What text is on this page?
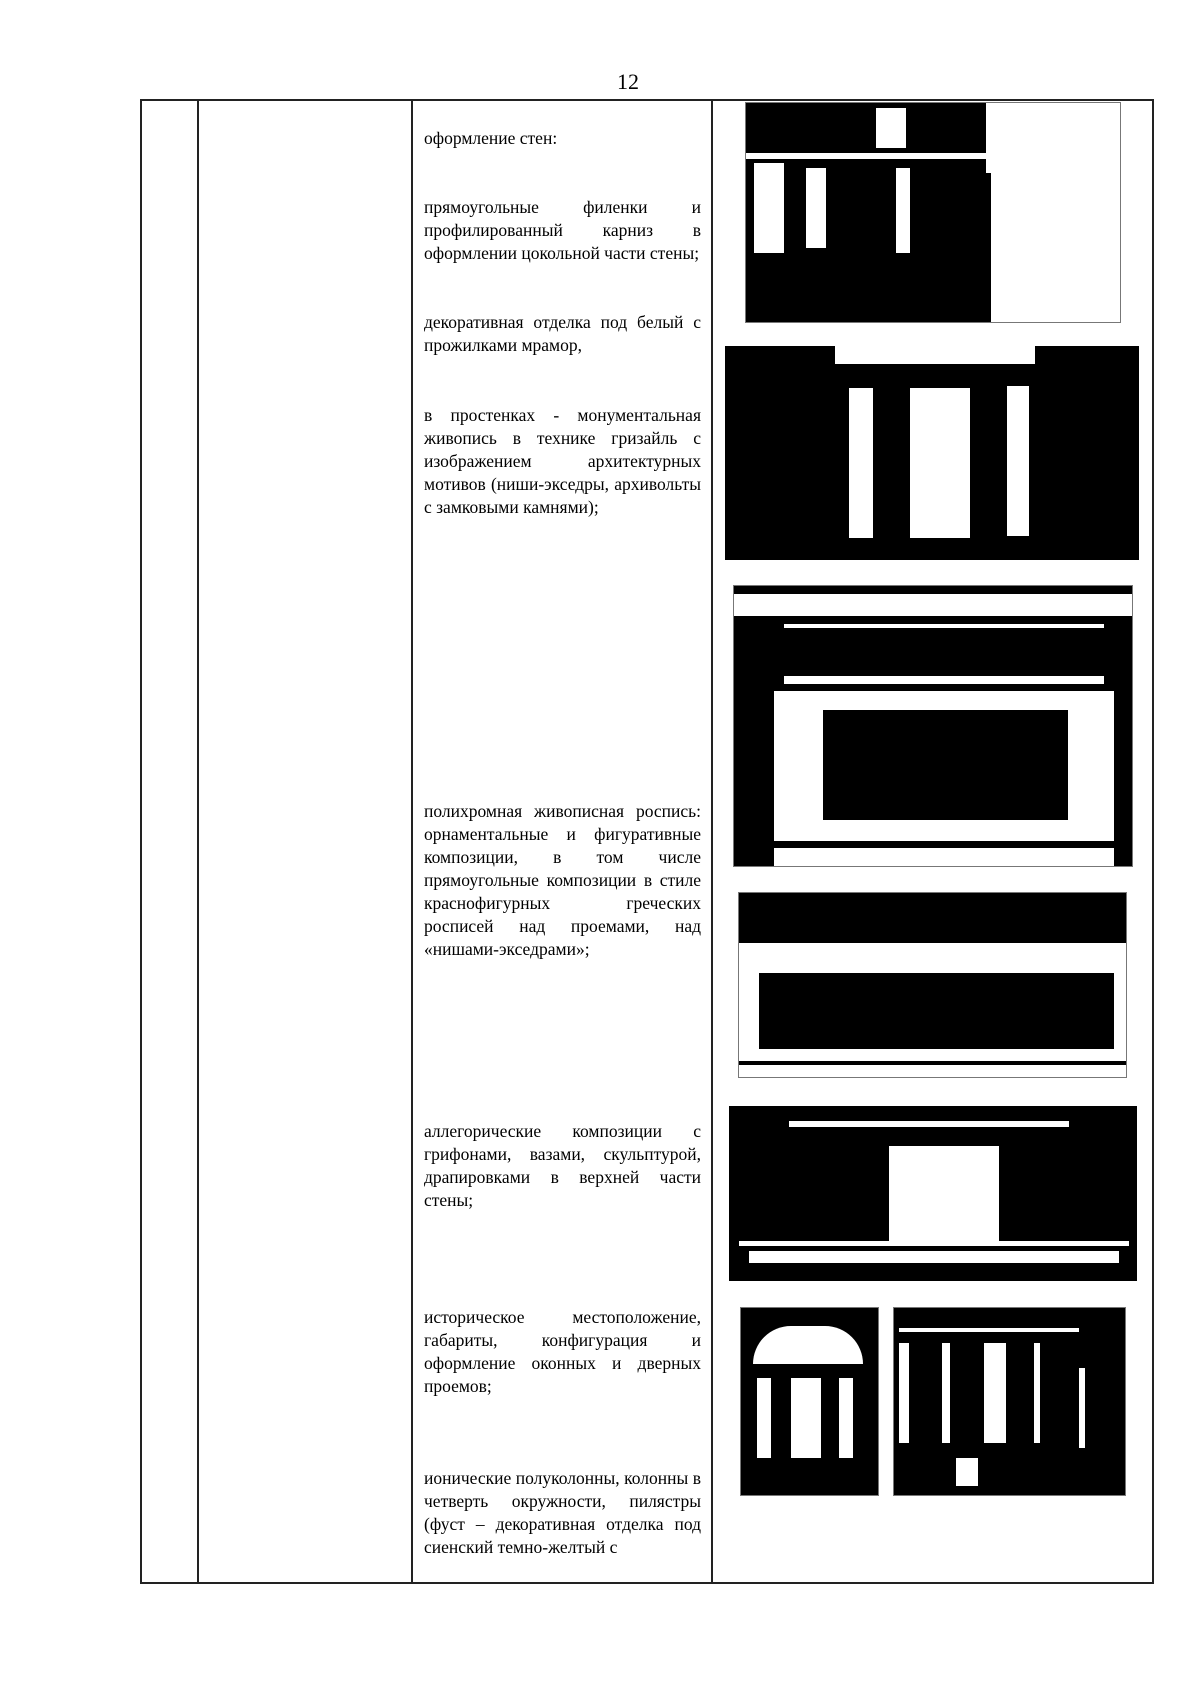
12

оформление стен:

прямоугольные филенки и профилированный карниз в оформлении цокольной части стены;

декоративная отделка под белый с прожилками мрамор,

в простенках - монументальная живопись в технике гризайль с изображением архитектурных мотивов (ниши-экседры, архивольты с замковыми камнями);

полихромная живописная роспись: орнаментальные и фигуративные композиции, в том числе прямоугольные композиции в стиле краснофигурных греческих росписей над проемами, над «нишами-экседрами»;

аллегорические композиции с грифонами, вазами, скульптурой, драпировками в верхней части стены;

историческое местоположение, габариты, конфигурация и оформление оконных и дверных проемов;

ионические полуколонны, колонны в четверть окружности, пилястры (фуст – декоративная отделка под сиенский темно-желтый с
